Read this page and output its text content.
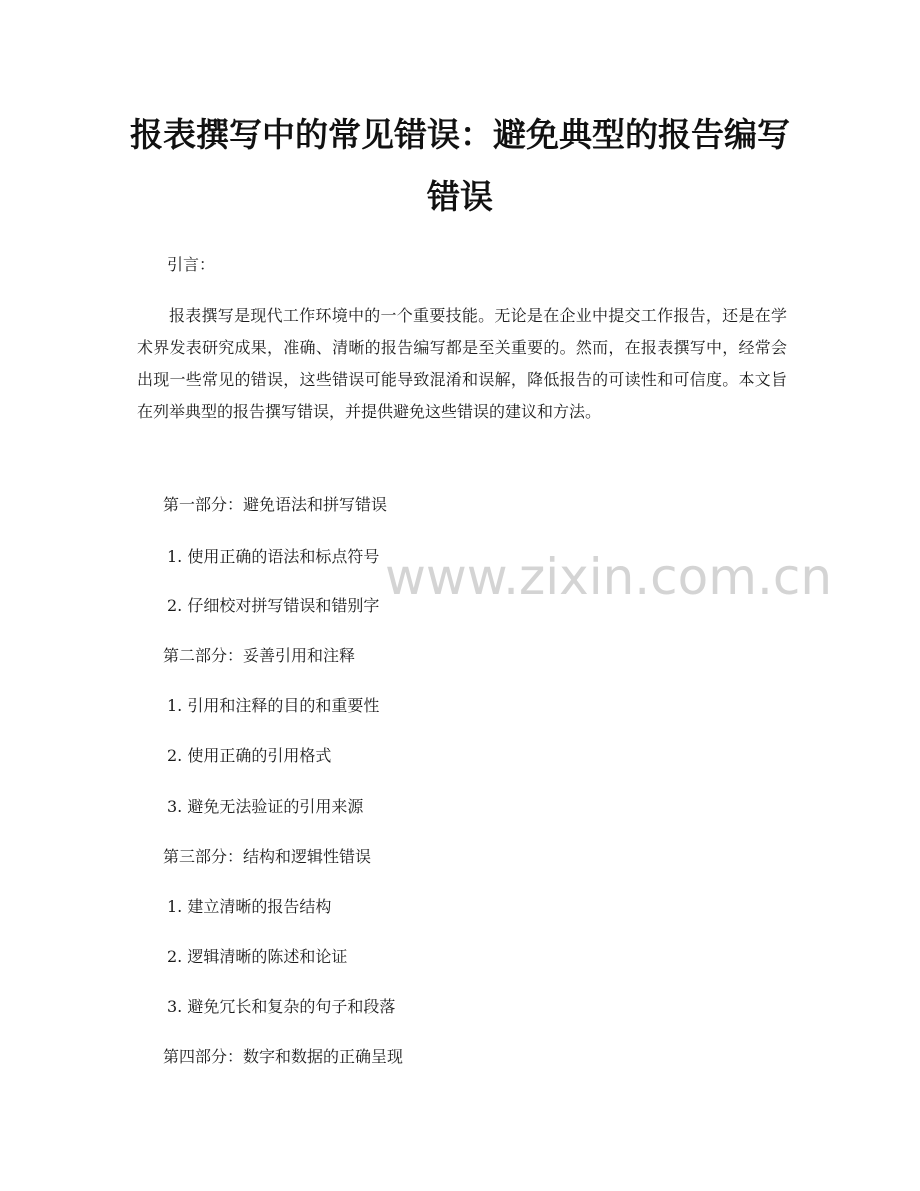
报表撰写中的常见错误：避免典型的报告编写错误

引言：

报表撰写是现代工作环境中的一个重要技能。无论是在企业中提交工作报告，还是在学术界发表研究成果，准确、清晰的报告编写都是至关重要的。然而，在报表撰写中，经常会出现一些常见的错误，这些错误可能导致混淆和误解，降低报告的可读性和可信度。本文旨在列举典型的报告撰写错误，并提供避免这些错误的建议和方法。

第一部分：避免语法和拼写错误

1. 使用正确的语法和标点符号

2. 仔细校对拼写错误和错别字

第二部分：妥善引用和注释

1. 引用和注释的目的和重要性

2. 使用正确的引用格式

3. 避免无法验证的引用来源

第三部分：结构和逻辑性错误

1. 建立清晰的报告结构

2. 逻辑清晰的陈述和论证

3. 避免冗长和复杂的句子和段落

第四部分：数字和数据的正确呈现

www.zixin.com.cn
